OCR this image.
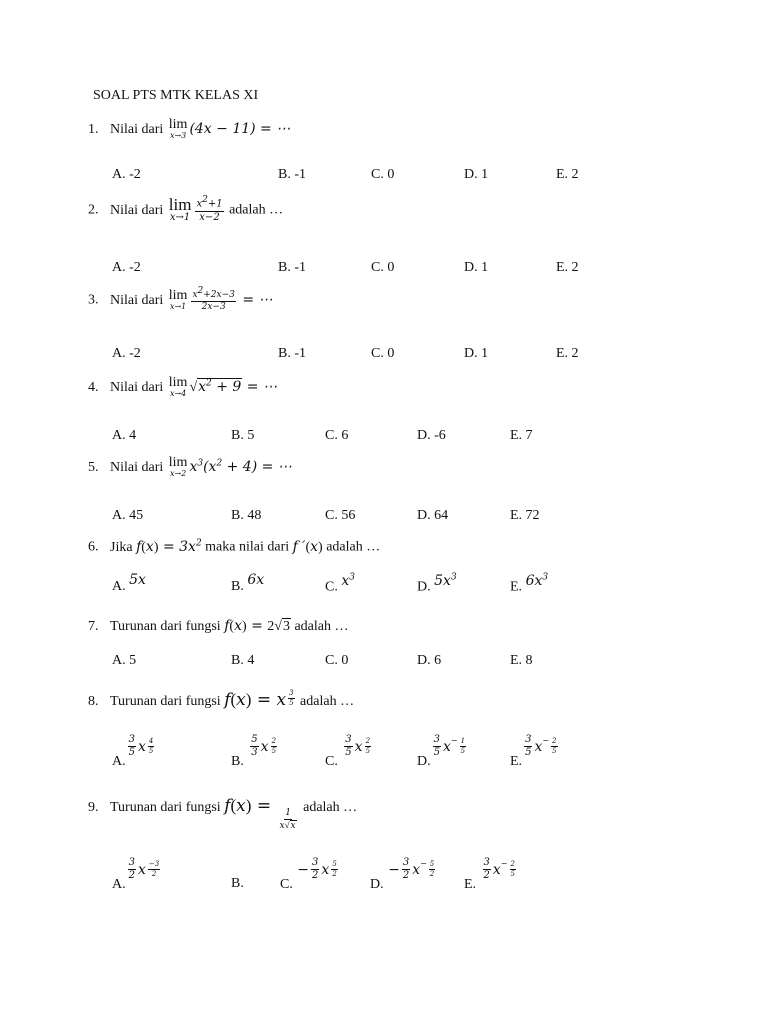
SOAL PTS MTK KELAS XI
1. Nilai dari lim
x→3 (4x − 11) = ⋯
A. -2	B. -1	C. 0	D. 1	E. 2
2. Nilai dari lim
$x\to 1 \frac{x2+1}{x-2}$ adalah …
A. -2	B. -1	C. 0	D. 1	E. 2
3. Nilai dari lim
$x\to 1 \frac{x2+2x-3}{2x-3}$ = ⋯
A. -2	B. -1	C. 0	D. 1	E. 2
4. Nilai dari lim
x→4 $√x^2 + 9$ = ⋯
A. 4	B. 5	C. 6	D. -6	E. 7
5. Nilai dari lim
x→2 $x^3(x^2 + 4)$ = ⋯
A. 45	B. 48	C. 56	D. 64	E. 72
6. Jika $f(x) = 3x^2$ maka nilai dari f ′(x) adalah …
A. 5x	B. 6x	C. $x^3$
D. $5x^3$
E. $6x^3$
7. Turunan dari fungsi f(x) = 2√3 adalah …
A. 5	B. 4	C. 0	D. 6	E. 8
8. Turunan dari fungsi f(x) = x $\frac{3}{5}$ adalah …
A.
$\frac{3}{5}$ x $\frac{4}{5}$
B.
$\frac{5}{3}$ x $\frac{2}{5}$
C.
$\frac{3}{5}$ x $\frac{2}{5}$
D.
$\frac{3}{5} x^- \frac{1}{5}$
E.
$\frac{3}{5} x^- \frac{2}{5}$
9. Turunan dari fungsi f(x) =
$\frac{1}{x√x}$
adalah …
A.
$\frac{3}{2}$ x $\frac{-3}{2}$
B.	C. − $\frac{3}{2}$ x $\frac{5}{2}$
D. − $\frac{3}{2} x^- \frac{5}{2}$
E.
$\frac{3}{2} x^- \frac{2}{5}$
